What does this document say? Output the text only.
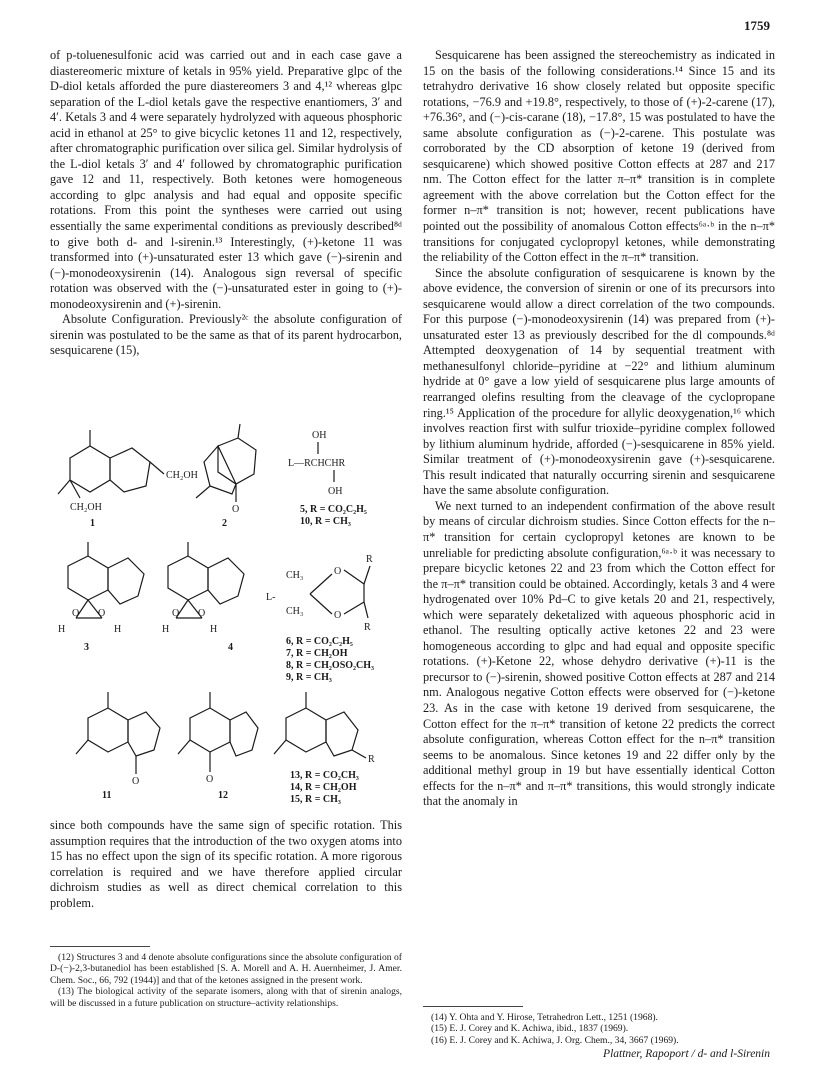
1759

of p-toluenesulfonic acid was carried out and in each case gave a diastereomeric mixture of ketals in 95% yield. Preparative glpc of the D-diol ketals afforded the pure diastereomers 3 and 4,¹² whereas glpc separation of the L-diol ketals gave the respective enantiomers, 3′ and 4′. Ketals 3 and 4 were separately hydrolyzed with aqueous phosphoric acid in ethanol at 25° to give bicyclic ketones 11 and 12, respectively, after chromatographic purification over silica gel. Similar hydrolysis of the L-diol ketals 3′ and 4′ followed by chromatographic purification gave 12 and 11, respectively. Both ketones were homogeneous according to glpc analysis and had equal and opposite specific rotations. From this point the syntheses were carried out using essentially the same experimental conditions as previously described⁸ᵈ to give both d- and l-sirenin.¹³ Interestingly, (+)-ketone 11 was transformed into (+)-unsaturated ester 13 which gave (−)-sirenin and (−)-monodeoxysirenin (14). Analogous sign reversal of specific rotation was observed with the (−)-unsaturated ester in going to (+)-monodeoxysirenin and (+)-sirenin.

Absolute Configuration. Previously²ᶜ the absolute configuration of sirenin was postulated to be the same as that of its parent hydrocarbon, sesquicarene (15),

CH₂OH
CH₂OH
1
O
2
OH
L—RCHCHR
OH
5, R = CO₂C₂H₅
10, R = CH₃
O O
H	H
3
O O
H	H
4
L-
CH₃
CH₃
O
O
R
R
6, R = CO₂C₂H₅
7, R = CH₂OH
8, R = CH₂OSO₂CH₃
9, R = CH₃
O
11
O
12
R
13, R = CO₂CH₃
14, R = CH₂OH
15, R = CH₃

since both compounds have the same sign of specific rotation. This assumption requires that the introduction of the two oxygen atoms into 15 has no effect upon the sign of its specific rotation. A more rigorous correlation is required and we have therefore applied circular dichroism studies as well as direct chemical correlation to this problem.

(12) Structures 3 and 4 denote absolute configurations since the absolute configuration of D-(−)-2,3-butanediol has been established [S. A. Morell and A. H. Auernheimer, J. Amer. Chem. Soc., 66, 792 (1944)] and that of the ketones assigned in the present work.

(13) The biological activity of the separate isomers, along with that of sirenin analogs, will be discussed in a future publication on structure–activity relationships.

Sesquicarene has been assigned the stereochemistry as indicated in 15 on the basis of the following considerations.¹⁴ Since 15 and its tetrahydro derivative 16 show closely related but opposite specific rotations, −76.9 and +19.8°, respectively, to those of (+)-2-carene (17), +76.36°, and (−)-cis-carane (18), −17.8°, 15 was postulated to have the same absolute configuration as (−)-2-carene. This postulate was corroborated by the CD absorption of ketone 19 (derived from sesquicarene) which showed positive Cotton effects at 287 and 217 nm. The Cotton effect for the latter π–π* transition is in complete agreement with the above correlation but the Cotton effect for the former n–π* transition is not; however, recent publications have pointed out the possibility of anomalous Cotton effects⁶ᵃ·ᵇ in the n–π* transitions for conjugated cyclopropyl ketones, while demonstrating the reliability of the Cotton effect in the π–π* transition.

Since the absolute configuration of sesquicarene is known by the above evidence, the conversion of sirenin or one of its precursors into sesquicarene would allow a direct correlation of the two compounds. For this purpose (−)-monodeoxysirenin (14) was prepared from (+)-unsaturated ester 13 as previously described for the dl compounds.⁸ᵈ Attempted deoxygenation of 14 by sequential treatment with methanesulfonyl chloride–pyridine at −22° and lithium aluminum hydride at 0° gave a low yield of sesquicarene plus large amounts of rearranged olefins resulting from the cleavage of the cyclopropane ring.¹⁵ Application of the procedure for allylic deoxygenation,¹⁶ which involves reaction first with sulfur trioxide–pyridine complex followed by lithium aluminum hydride, afforded (−)-sesquicarene in 85% yield. Similar treatment of (+)-monodeoxysirenin gave (+)-sesquicarene. This result indicated that naturally occurring sirenin and sesquicarene have the same absolute configuration.

We next turned to an independent confirmation of the above result by means of circular dichroism studies. Since Cotton effects for the n–π* transition for certain cyclopropyl ketones are known to be unreliable for predicting absolute configuration,⁶ᵃ·ᵇ it was necessary to prepare bicyclic ketones 22 and 23 from which the Cotton effect for the π–π* transition could be obtained. Accordingly, ketals 3 and 4 were hydrogenated over 10% Pd–C to give ketals 20 and 21, respectively, which were separately deketalized with aqueous phosphoric acid in ethanol. The resulting optically active ketones 22 and 23 were homogeneous according to glpc and had equal and opposite specific rotations. (+)-Ketone 22, whose dehydro derivative (+)-11 is the precursor to (−)-sirenin, showed positive Cotton effects at 287 and 214 nm. Analogous negative Cotton effects were observed for (−)-ketone 23. As in the case with ketone 19 derived from sesquicarene, the Cotton effect for the π–π* transition of ketone 22 predicts the correct absolute configuration, whereas Cotton effect for the n–π* transition seems to be anomalous. Since ketones 19 and 22 differ only by the additional methyl group in 19 but have essentially identical Cotton effects for the n–π* and π–π* transitions, this would strongly indicate that the anomaly in

(14) Y. Ohta and Y. Hirose, Tetrahedron Lett., 1251 (1968).

(15) E. J. Corey and K. Achiwa, ibid., 1837 (1969).

(16) E. J. Corey and K. Achiwa, J. Org. Chem., 34, 3667 (1969).

Plattner, Rapoport / d- and l-Sirenin
